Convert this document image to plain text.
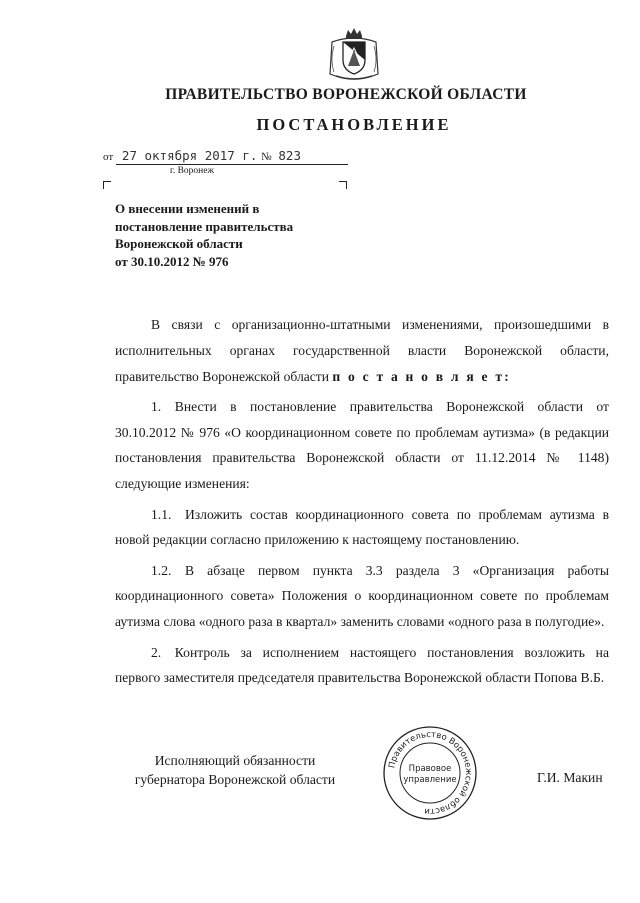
ПРАВИТЕЛЬСТВО ВОРОНЕЖСКОЙ ОБЛАСТИ
ПОСТАНОВЛЕНИЕ
от 27 октября 2017 г. № 823
г. Воронеж
О внесении изменений в
постановление правительства
Воронежской области
от 30.10.2012 № 976

В связи с организационно-штатными изменениями, произошедшими в исполнительных органах государственной власти Воронежской области, правительство Воронежской области п о с т а н о в л я е т:

1. Внести в постановление правительства Воронежской области от 30.10.2012 № 976 «О координационном совете по проблемам аутизма» (в редакции постановления правительства Воронежской области от 11.12.2014 № 1148) следующие изменения:

1.1. Изложить состав координационного совета по проблемам аутизма в новой редакции согласно приложению к настоящему постановлению.

1.2. В абзаце первом пункта 3.3 раздела 3 «Организация работы координационного совета» Положения о координационном совете по проблемам аутизма слова «одного раза в квартал» заменить словами «одного раза в полугодие».

2. Контроль за исполнением настоящего постановления возложить на первого заместителя председателя правительства Воронежской области Попова В.Б.

Исполняющий обязанности
губернатора Воронежской области
Правительство Воронежской области
Правовое
управление	Г.И. Макин
